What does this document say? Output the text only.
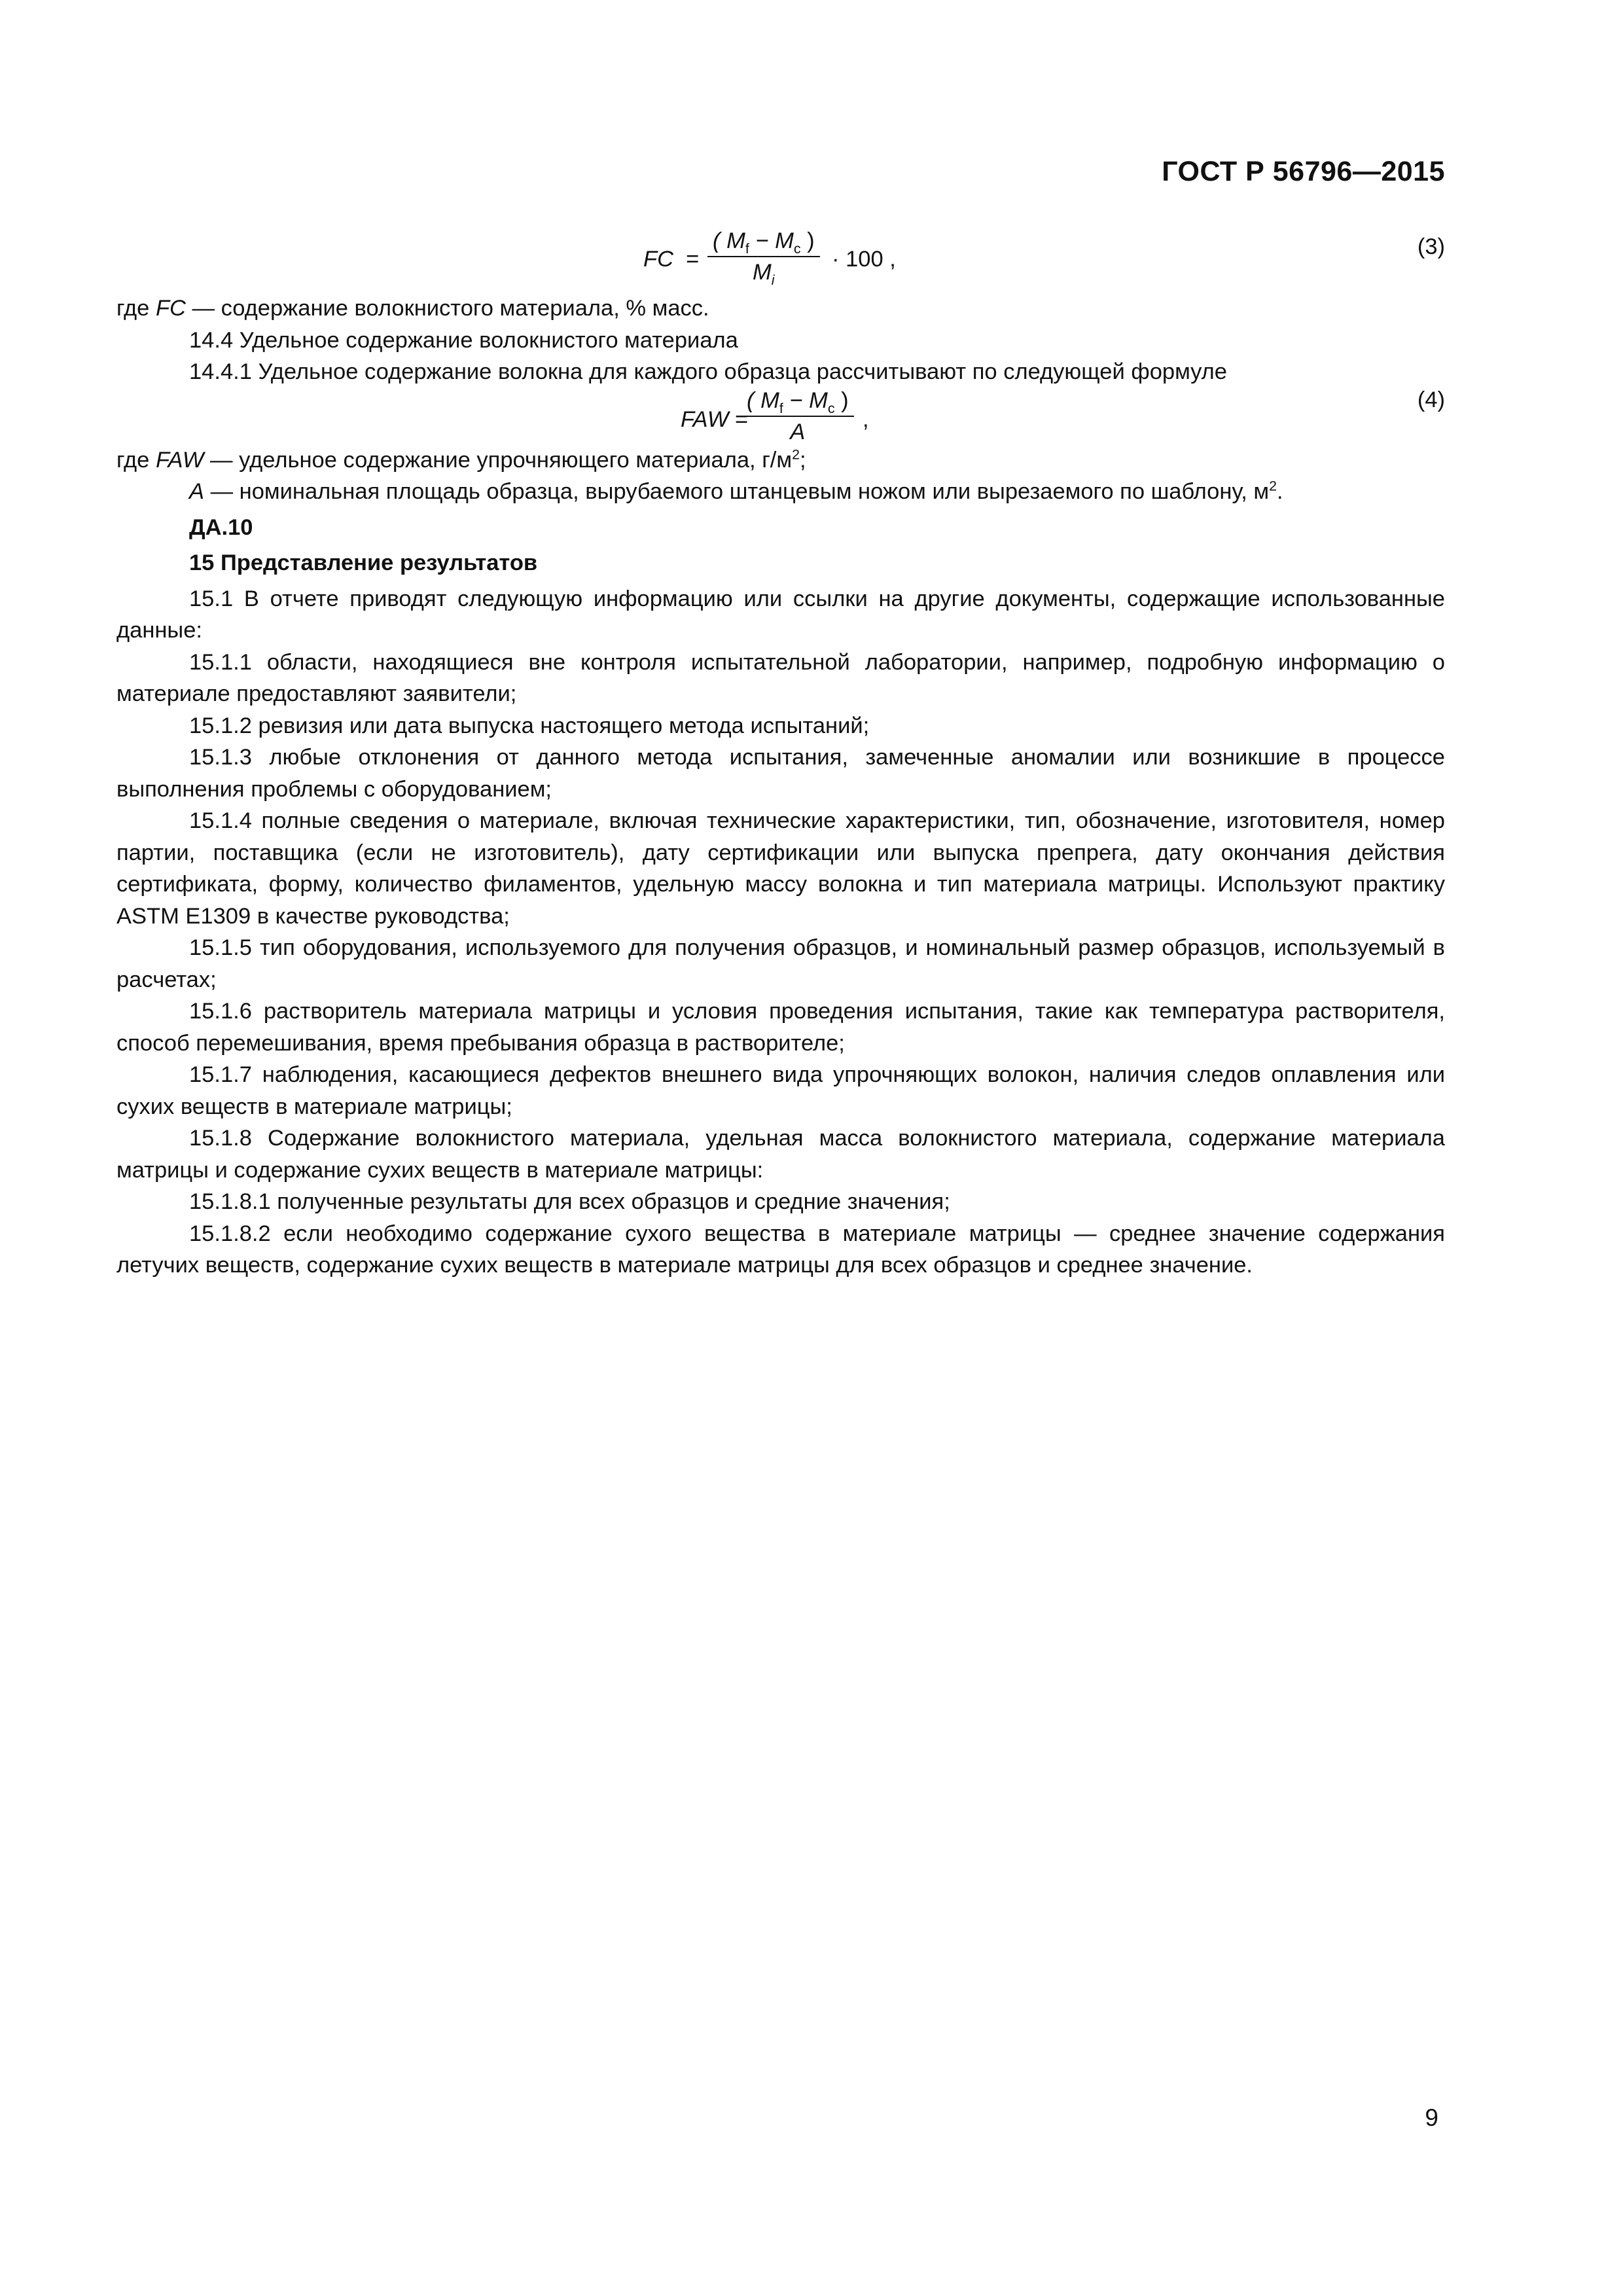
ГОСТ Р 56796—2015
FC  = $\frac{( M_f - M_c )}{M_i} \cdot 100$ ,	(3)

где FC — содержание волокнистого материала, % масс.

14.4 Удельное содержание волокнистого материала

14.4.1 Удельное содержание волокна для каждого образца рассчитывают по следующей формуле

FAW =
$\frac{( M_f - M_c )}{A}$ ,
(4)

где FAW — удельное содержание упрочняющего материала, $г/м^2$;

A — номинальная площадь образца, вырубаемого штанцевым ножом или вырезаемого по шаблону, $м^2$.

ДА.10

15 Представление результатов

15.1 В отчете приводят следующую информацию или ссылки на другие документы, содержащие использованные данные:

15.1.1 области, находящиеся вне контроля испытательной лаборатории, например, подробную информацию о материале предоставляют заявители;

15.1.2 ревизия или дата выпуска настоящего метода испытаний;

15.1.3 любые отклонения от данного метода испытания, замеченные аномалии или возникшие в процессе выполнения проблемы с оборудованием;

15.1.4 полные сведения о материале, включая технические характеристики, тип, обозначение, изготовителя, номер партии, поставщика (если не изготовитель), дату сертификации или выпуска препрега, дату окончания действия сертификата, форму, количество филаментов, удельную массу волокна и тип материала матрицы. Используют практику ASTM E1309 в качестве руководства;

15.1.5 тип оборудования, используемого для получения образцов, и номинальный размер образцов, используемый в расчетах;

15.1.6 растворитель материала матрицы и условия проведения испытания, такие как температура растворителя, способ перемешивания, время пребывания образца в растворителе;

15.1.7 наблюдения, касающиеся дефектов внешнего вида упрочняющих волокон, наличия следов оплавления или сухих веществ в материале матрицы;

15.1.8 Содержание волокнистого материала, удельная масса волокнистого материала, содержание материала матрицы и содержание сухих веществ в материале матрицы:

15.1.8.1 полученные результаты для всех образцов и средние значения;

15.1.8.2 если необходимо содержание сухого вещества в материале матрицы — среднее значение содержания летучих веществ, содержание сухих веществ в материале матрицы для всех образцов и среднее значение.

9
